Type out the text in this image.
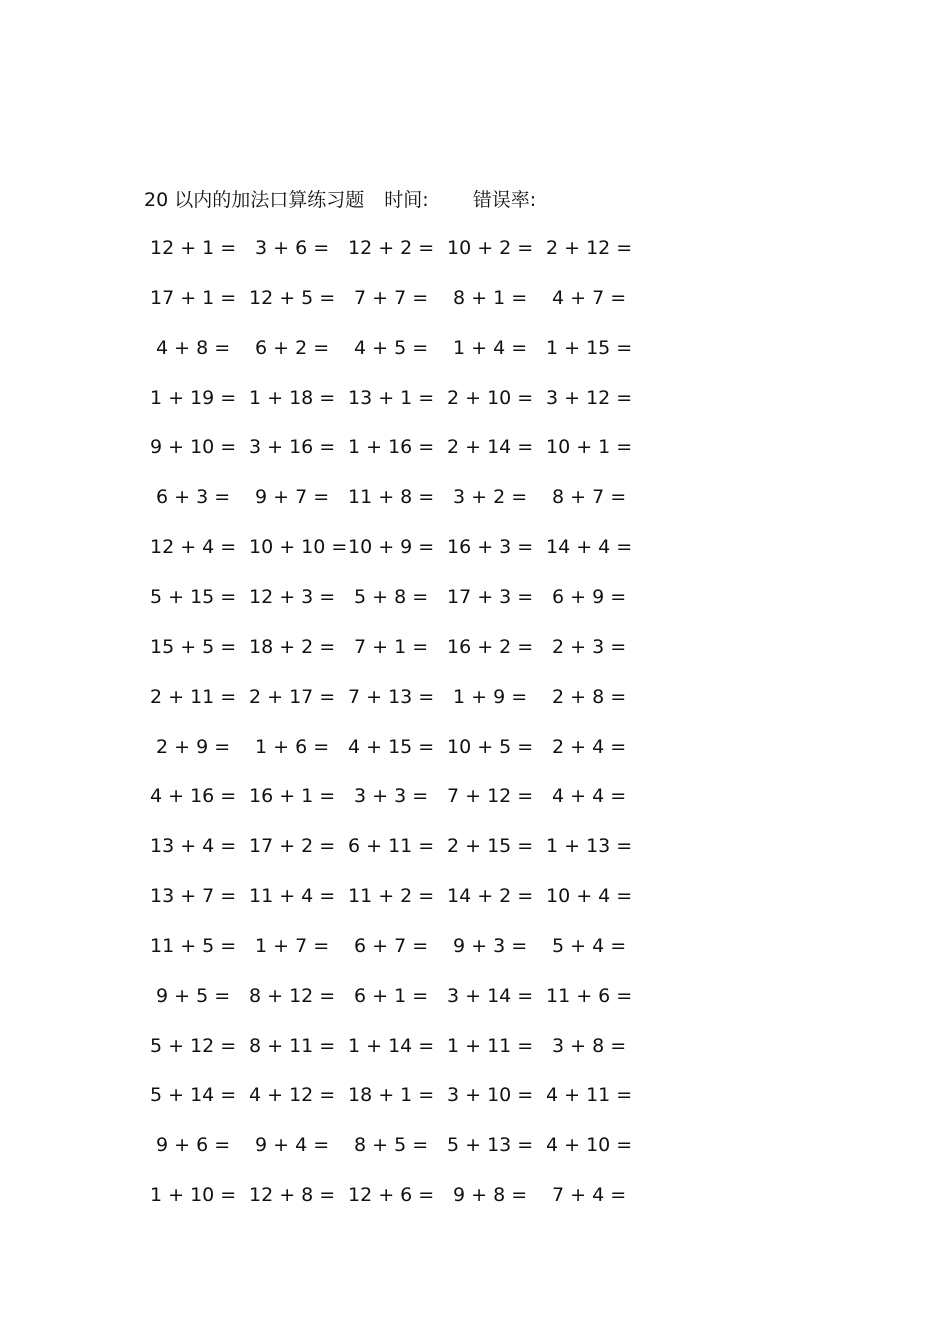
20 以内的加法口算练习题 时间: 错误率:
12 + 1 = 3 + 6 = 12 + 2 = 10 + 2 = 2 + 12 =
17 + 1 = 12 + 5 = 7 + 7 = 8 + 1 = 4 + 7 =
4 + 8 = 6 + 2 = 4 + 5 = 1 + 4 = 1 + 15 =
1 + 19 = 1 + 18 = 13 + 1 = 2 + 10 = 3 + 12 =
9 + 10 = 3 + 16 = 1 + 16 = 2 + 14 = 10 + 1 =
6 + 3 = 9 + 7 = 11 + 8 = 3 + 2 = 8 + 7 =
12 + 4 = 10 + 10 = 10 + 9 = 16 + 3 = 14 + 4 =
5 + 15 = 12 + 3 = 5 + 8 = 17 + 3 = 6 + 9 =
15 + 5 = 18 + 2 = 7 + 1 = 16 + 2 = 2 + 3 =
2 + 11 = 2 + 17 = 7 + 13 = 1 + 9 = 2 + 8 =
2 + 9 = 1 + 6 = 4 + 15 = 10 + 5 = 2 + 4 =
4 + 16 = 16 + 1 = 3 + 3 = 7 + 12 = 4 + 4 =
13 + 4 = 17 + 2 = 6 + 11 = 2 + 15 = 1 + 13 =
13 + 7 = 11 + 4 = 11 + 2 = 14 + 2 = 10 + 4 =
11 + 5 = 1 + 7 = 6 + 7 = 9 + 3 = 5 + 4 =
9 + 5 = 8 + 12 = 6 + 1 = 3 + 14 = 11 + 6 =
5 + 12 = 8 + 11 = 1 + 14 = 1 + 11 = 3 + 8 =
5 + 14 = 4 + 12 = 18 + 1 = 3 + 10 = 4 + 11 =
9 + 6 = 9 + 4 = 8 + 5 = 5 + 13 = 4 + 10 =
1 + 10 = 12 + 8 = 12 + 6 = 9 + 8 = 7 + 4 =
